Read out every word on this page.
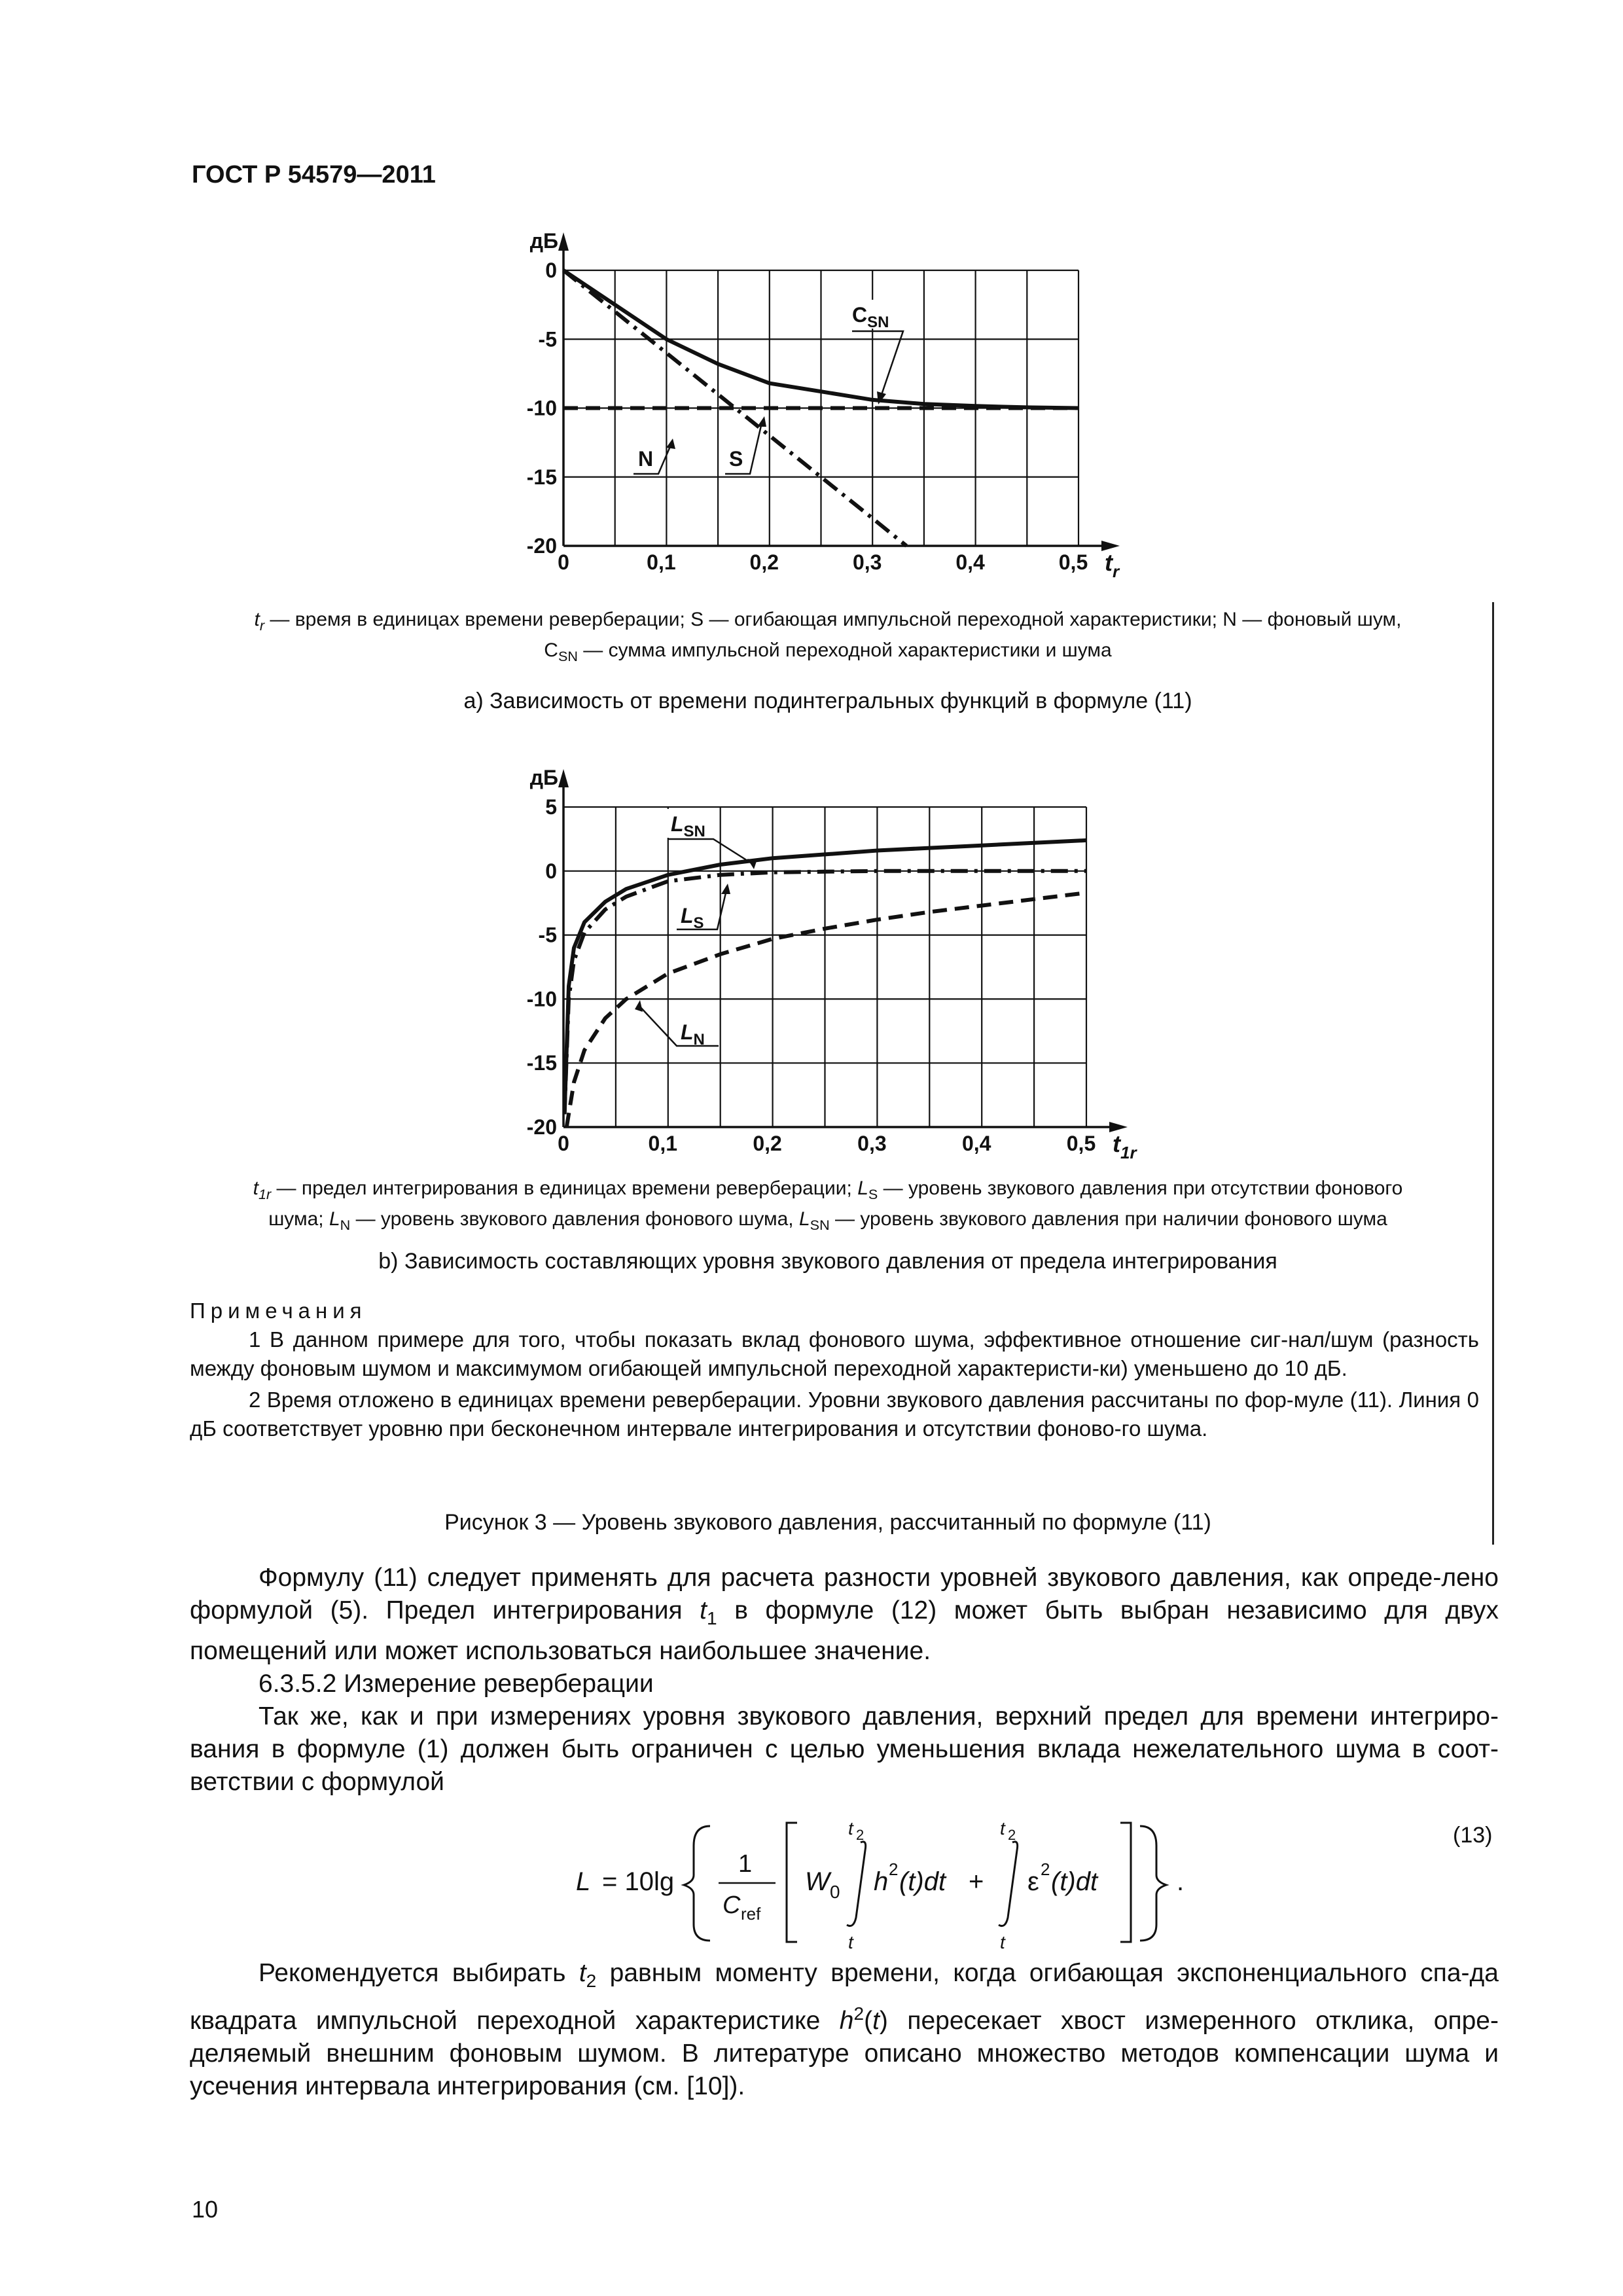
ГОСТ Р 54579—2011
дБ
0
-5
-10
-15
-20
0	0,1	0,2	0,3	0,4	0,5 $t_r$
$C_{SN}$
N	S
$t_r$ — время в единицах времени реверберации; S — огибающая импульсной переходной характеристики; N — фоновый шум,
$C_{SN}$ — сумма импульсной переходной характеристики и шума
а) Зависимость от времени подинтегральных функций в формуле (11)
дБ
5
0
-5
-10
-15
-20
0	0,1	0,2	0,3	0,4	0,5 $t_{1r}$
$L_{SN}$
$L_S$
$L_N$
$t_{1r}$ — предел интегрирования в единицах времени реверберации; $L_S$ — уровень звукового давления при отсутствии фонового
шума; $L_N$ — уровень звукового давления фонового шума, $L_{SN}$ — уровень звукового давления при наличии фонового шума
b) Зависимость составляющих уровня звукового давления от предела интегрирования

Примечания

1 В данном примере для того, чтобы показать вклад фонового шума, эффективное отношение сиг-нал/шум (разность между фоновым шумом и максимумом огибающей импульсной переходной характеристи-ки) уменьшено до 10 дБ.

2 Время отложено в единицах времени реверберации. Уровни звукового давления рассчитаны по фор-муле (11). Линия 0 дБ соответствует уровню при бесконечном интервале интегрирования и отсутствии фоново-го шума.

Рисунок 3 — Уровень звукового давления, рассчитанный по формуле (11)

Формулу (11) следует применять для расчета разности уровней звукового давления, как опреде-лено формулой (5). Предел интегрирования $t_1$ в формуле (12) может быть выбран независимо для двух помещений или может использоваться наибольшее значение.

6.3.5.2 Измерение реверберации

Так же, как и при измерениях уровня звукового давления, верхний предел для времени интегриро-вания в формуле (1) должен быть ограничен с целью уменьшения вклада нежелательного шума в соот-ветствии с формулой

(13)
L = 10lg
1
C ref
W 0
t 2
t
h 2 (t)dt +
t 2
t
ε 2 (t)dt	.

Рекомендуется выбирать $t_2$ равным моменту времени, когда огибающая экспоненциального спа-да квадрата импульсной переходной характеристике $h^2(t)$ пересекает хвост измеренного отклика, опре-деляемый внешним фоновым шумом. В литературе описано множество методов компенсации шума и усечения интервала интегрирования (см. [10]).

10
